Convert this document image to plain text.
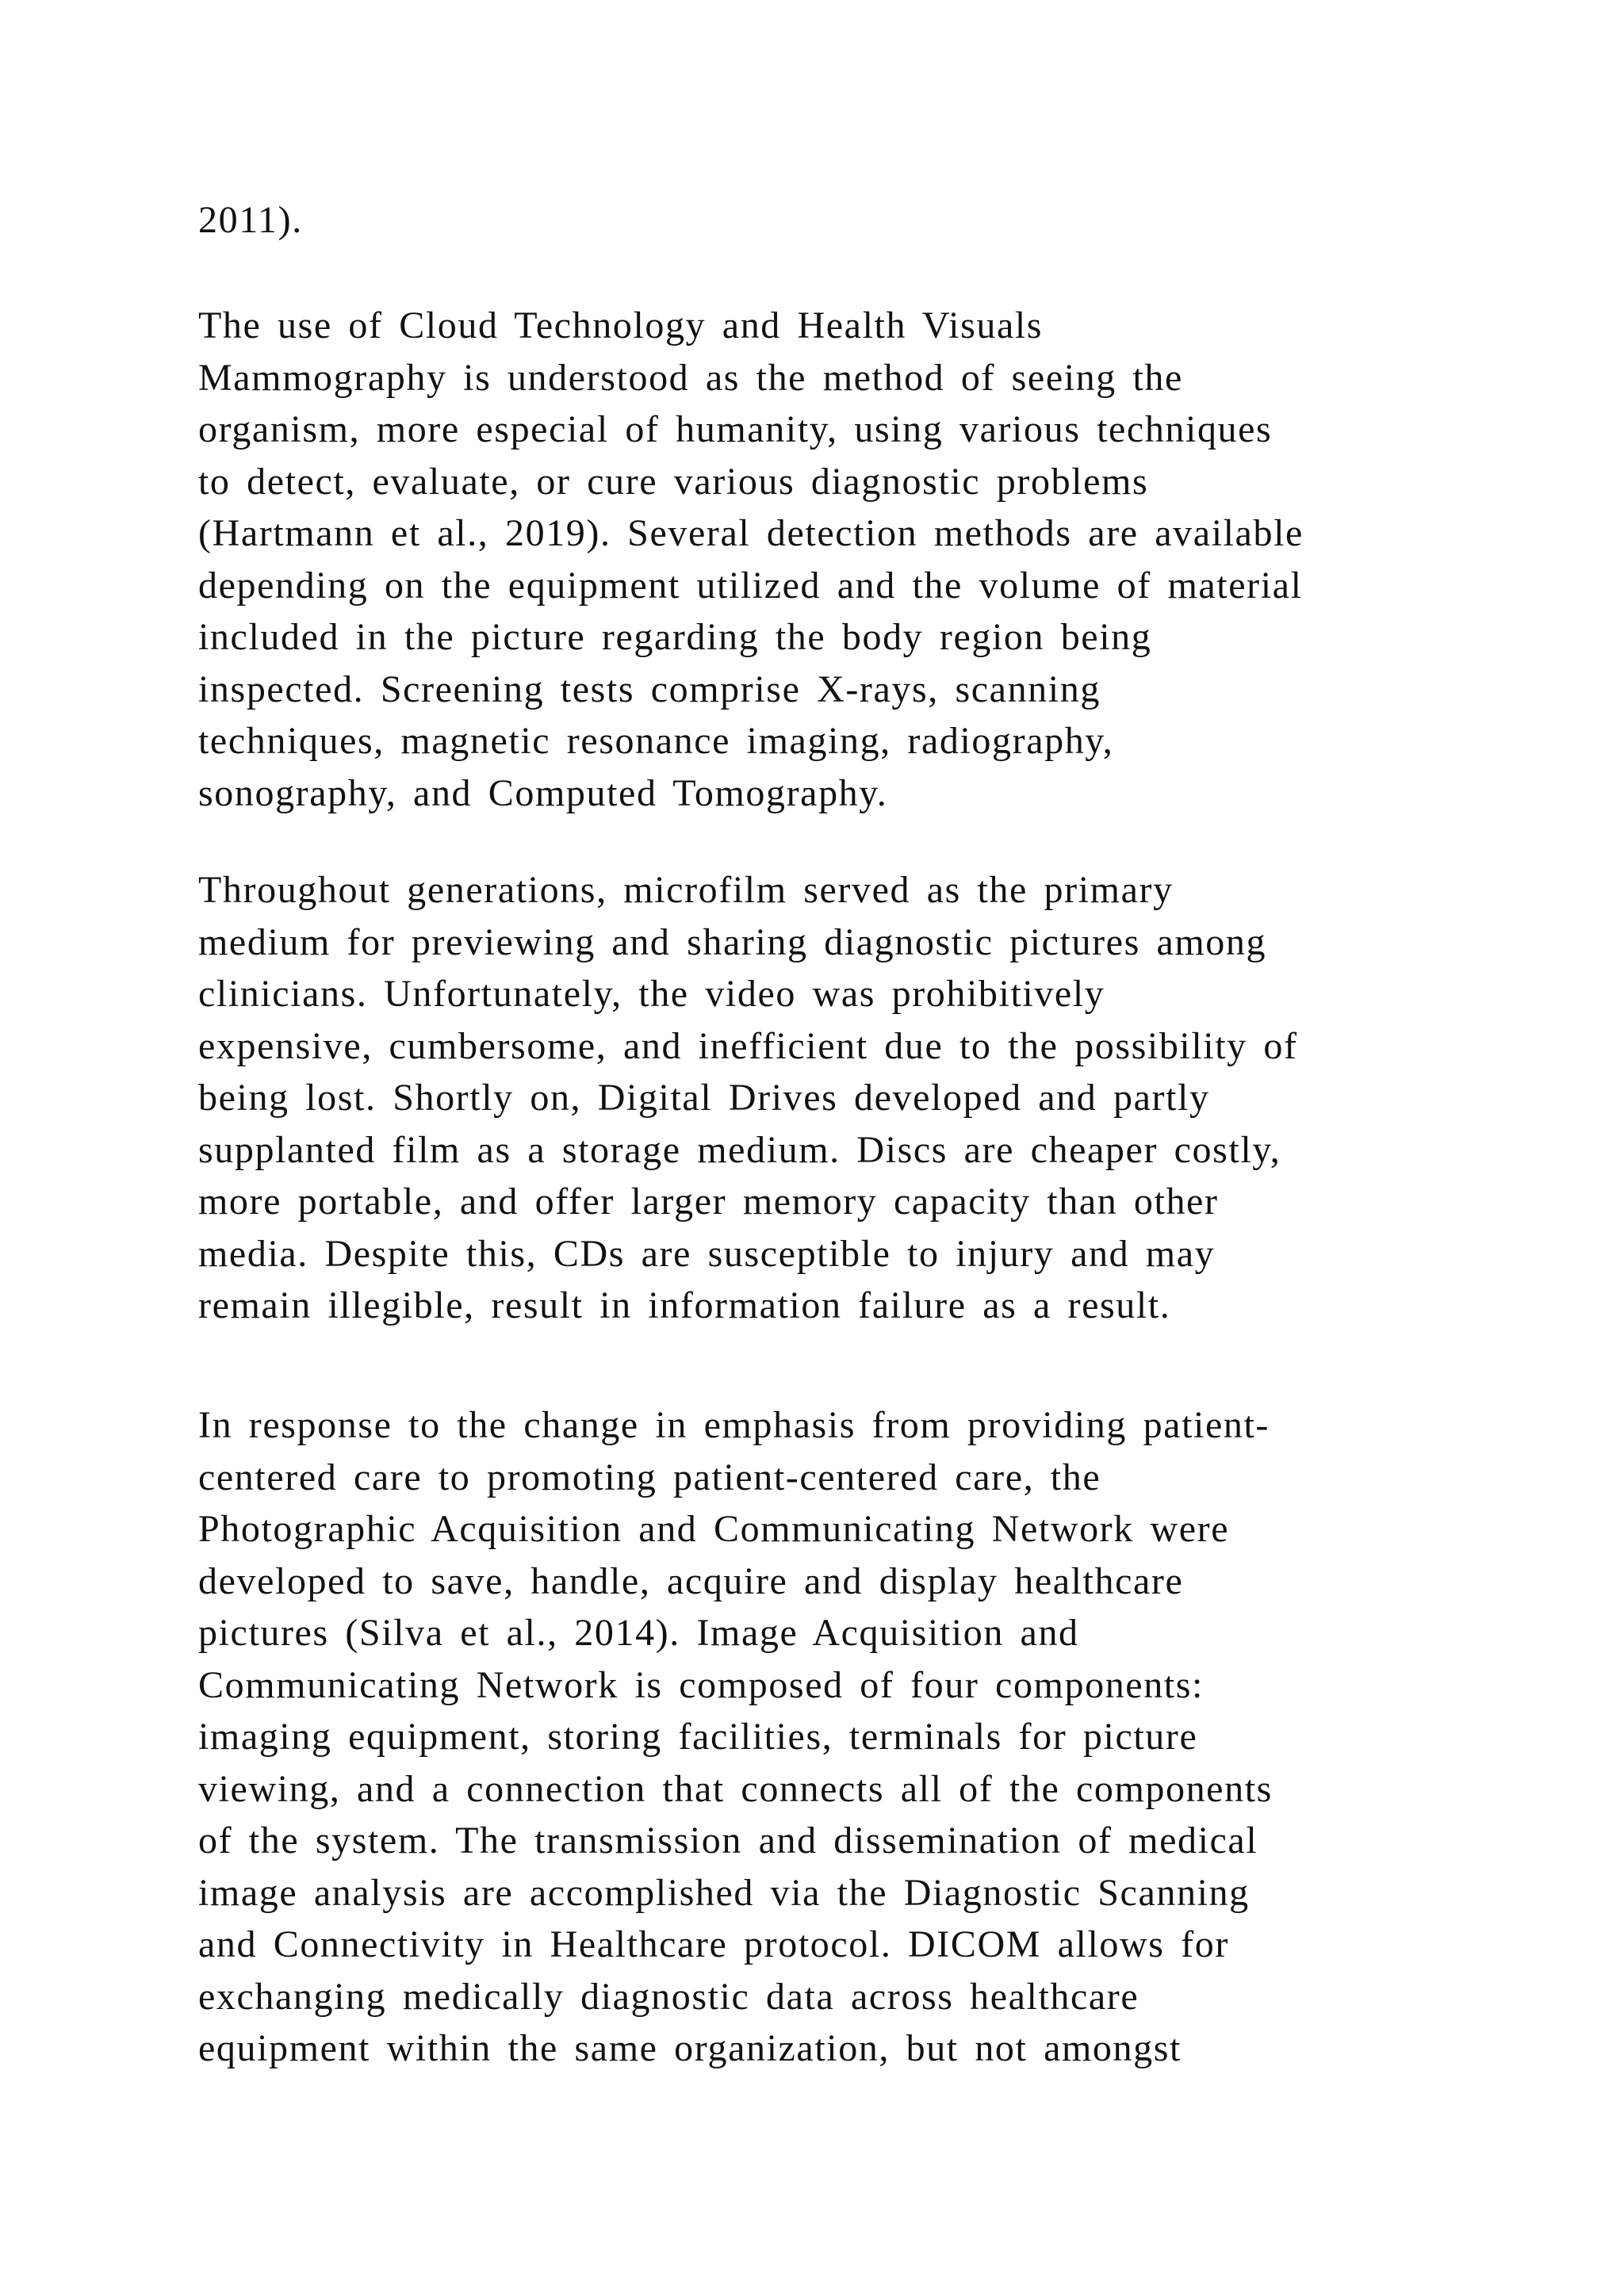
2011).
The use of Cloud Technology and Health Visuals
Mammography is understood as the method of seeing the
organism, more especial of humanity, using various techniques
to detect, evaluate, or cure various diagnostic problems
(Hartmann et al., 2019). Several detection methods are available
depending on the equipment utilized and the volume of material
included in the picture regarding the body region being
inspected. Screening tests comprise X-rays, scanning
techniques, magnetic resonance imaging, radiography,
sonography, and Computed Tomography.
Throughout generations, microfilm served as the primary
medium for previewing and sharing diagnostic pictures among
clinicians. Unfortunately, the video was prohibitively
expensive, cumbersome, and inefficient due to the possibility of
being lost. Shortly on, Digital Drives developed and partly
supplanted film as a storage medium. Discs are cheaper costly,
more portable, and offer larger memory capacity than other
media. Despite this, CDs are susceptible to injury and may
remain illegible, result in information failure as a result.
In response to the change in emphasis from providing patient-
centered care to promoting patient-centered care, the
Photographic Acquisition and Communicating Network were
developed to save, handle, acquire and display healthcare
pictures (Silva et al., 2014). Image Acquisition and
Communicating Network is composed of four components:
imaging equipment, storing facilities, terminals for picture
viewing, and a connection that connects all of the components
of the system. The transmission and dissemination of medical
image analysis are accomplished via the Diagnostic Scanning
and Connectivity in Healthcare protocol. DICOM allows for
exchanging medically diagnostic data across healthcare
equipment within the same organization, but not amongst
